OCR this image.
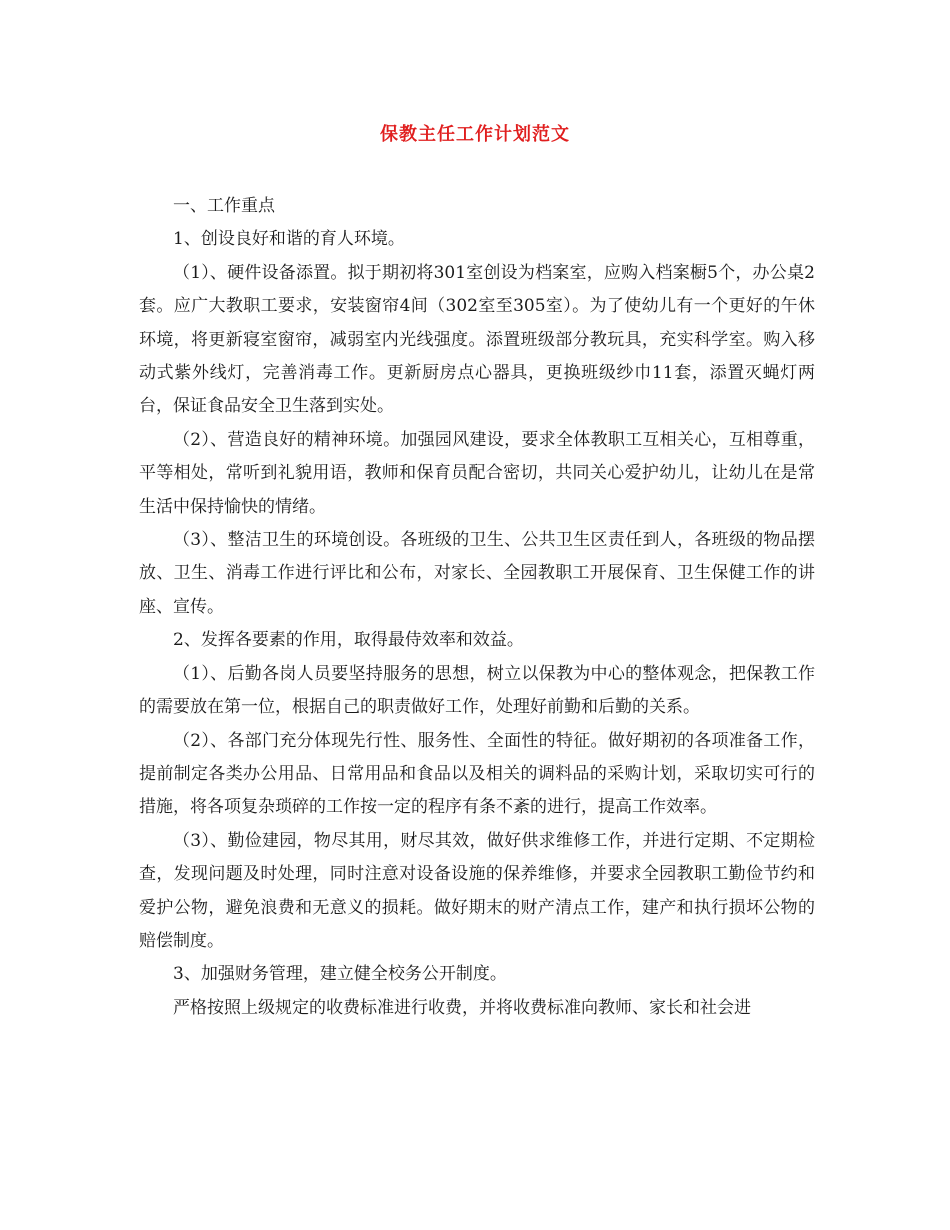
保教主任工作计划范文

一、工作重点

1、创设良好和谐的育人环境。

（1）、硬件设备添置。拟于期初将301室创设为档案室，应购入档案橱5个，办公桌2套。应广大教职工要求，安装窗帘4间（302室至305室）。为了使幼儿有一个更好的午休环境，将更新寝室窗帘，减弱室内光线强度。添置班级部分教玩具，充实科学室。购入移动式紫外线灯，完善消毒工作。更新厨房点心器具，更换班级纱巾11套，添置灭蝇灯两台，保证食品安全卫生落到实处。

（2）、营造良好的精神环境。加强园风建设，要求全体教职工互相关心，互相尊重，平等相处，常听到礼貌用语，教师和保育员配合密切，共同关心爱护幼儿，让幼儿在是常生活中保持愉快的情绪。

（3）、整洁卫生的环境创设。各班级的卫生、公共卫生区责任到人，各班级的物品摆放、卫生、消毒工作进行评比和公布，对家长、全园教职工开展保育、卫生保健工作的讲座、宣传。

2、发挥各要素的作用，取得最侍效率和效益。

（1）、后勤各岗人员要坚持服务的思想，树立以保教为中心的整体观念，把保教工作的需要放在第一位，根据自己的职责做好工作，处理好前勤和后勤的关系。

（2）、各部门充分体现先行性、服务性、全面性的特征。做好期初的各项准备工作，提前制定各类办公用品、日常用品和食品以及相关的调料品的采购计划，采取切实可行的措施，将各项复杂琐碎的工作按一定的程序有条不紊的进行，提高工作效率。

（3）、勤俭建园，物尽其用，财尽其效，做好供求维修工作，并进行定期、不定期检查，发现问题及时处理，同时注意对设备设施的保养维修，并要求全园教职工勤俭节约和爱护公物，避免浪费和无意义的损耗。做好期末的财产清点工作，建产和执行损坏公物的赔偿制度。

3、加强财务管理，建立健全校务公开制度。

严格按照上级规定的收费标准进行收费，并将收费标准向教师、家长和社会进
